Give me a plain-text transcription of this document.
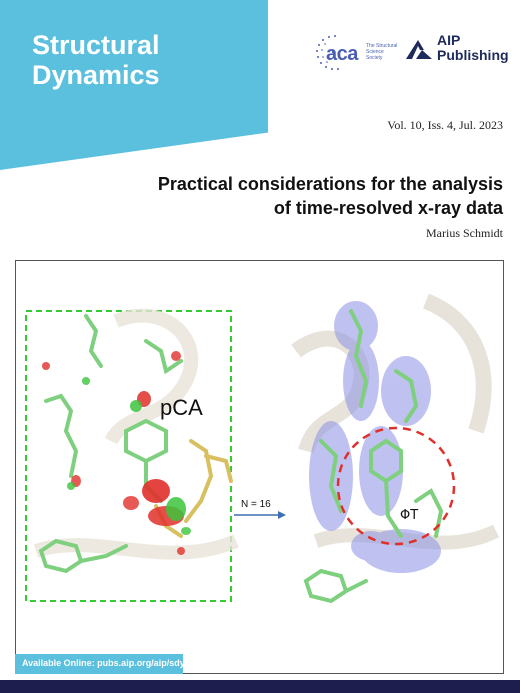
Structural
Dynamics
aca The Structural
Science
Society
AIP
Publishing
Vol. 10, Iss. 4, Jul. 2023
Practical considerations for the analysis
of time-resolved x-ray data
Marius Schmidt
pCA
N = 16
ΦT
Available Online: pubs.aip.org/aip/sdy
